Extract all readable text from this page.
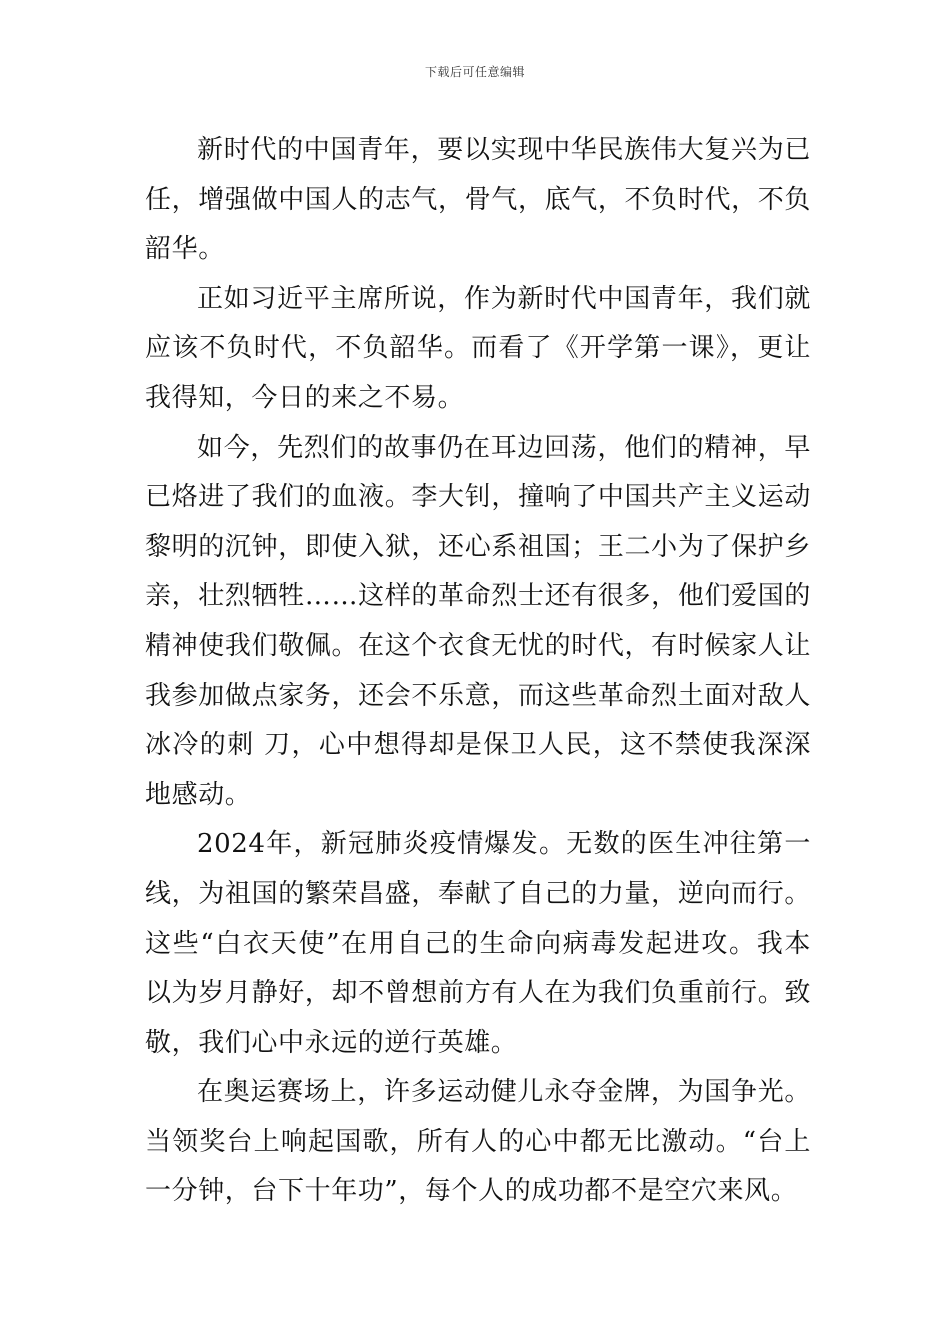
下载后可任意编辑

新时代的中国青年，要以实现中华民族伟大复兴为已任，增强做中国人的志气，骨气，底气，不负时代，不负韶华。

正如习近平主席所说，作为新时代中国青年，我们就应该不负时代，不负韶华。而看了《开学第一课》，更让我得知，今日的来之不易。

如今，先烈们的故事仍在耳边回荡，他们的精神，早已烙进了我们的血液。李大钊，撞响了中国共产主义运动黎明的沉钟，即使入狱，还心系祖国；王二小为了保护乡亲，壮烈牺牲……这样的革命烈士还有很多，他们爱国的精神使我们敬佩。在这个衣食无忧的时代，有时候家人让我参加做点家务，还会不乐意，而这些革命烈土面对敌人冰冷的刺 刀，心中想得却是保卫人民，这不禁使我深深地感动。

2024年，新冠肺炎疫情爆发。无数的医生冲往第一线，为祖国的繁荣昌盛，奉献了自己的力量，逆向而行。这些“白衣天使”在用自己的生命向病毒发起进攻。我本以为岁月静好，却不曾想前方有人在为我们负重前行。致敬，我们心中永远的逆行英雄。

在奥运赛场上，许多运动健儿永夺金牌，为国争光。当领奖台上响起国歌，所有人的心中都无比激动。“台上一分钟，台下十年功”，每个人的成功都不是空穴来风。
